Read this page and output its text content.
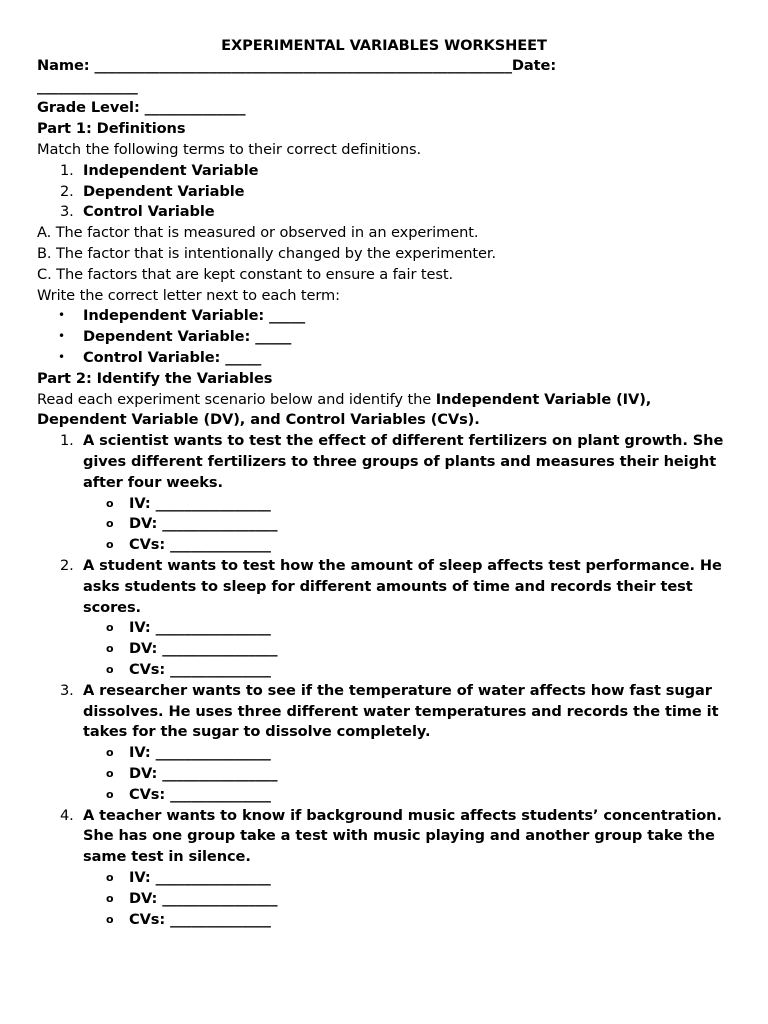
EXPERIMENTAL VARIABLES WORKSHEET
Name: __________________________________________________________Date:
______________
Grade Level: ______________
Part 1: Definitions
Match the following terms to their correct definitions.
1. Independent Variable
2. Dependent Variable
3. Control Variable
A. The factor that is measured or observed in an experiment.
B. The factor that is intentionally changed by the experimenter.
C. The factors that are kept constant to ensure a fair test.
Write the correct letter next to each term:
• Independent Variable: _____
• Dependent Variable: _____
• Control Variable: _____
Part 2: Identify the Variables
Read each experiment scenario below and identify the Independent Variable (IV),
Dependent Variable (DV), and Control Variables (CVs).
1. A scientist wants to test the effect of different fertilizers on plant growth. She
gives different fertilizers to three groups of plants and measures their height
after four weeks.
o IV: ________________
o DV: ________________
o CVs: ______________
2. A student wants to test how the amount of sleep affects test performance. He
asks students to sleep for different amounts of time and records their test
scores.
o IV: ________________
o DV: ________________
o CVs: ______________
3. A researcher wants to see if the temperature of water affects how fast sugar
dissolves. He uses three different water temperatures and records the time it
takes for the sugar to dissolve completely.
o IV: ________________
o DV: ________________
o CVs: ______________
4. A teacher wants to know if background music affects students’ concentration.
She has one group take a test with music playing and another group take the
same test in silence.
o IV: ________________
o DV: ________________
o CVs: ______________
